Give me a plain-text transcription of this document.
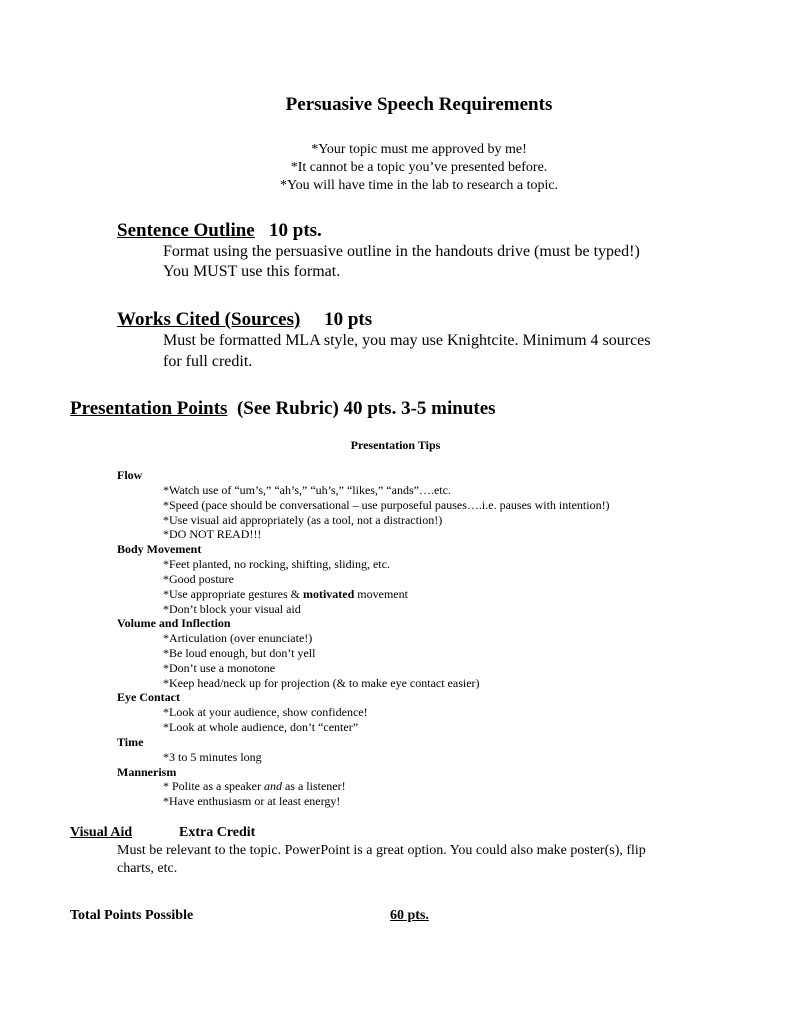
Persuasive Speech Requirements
*Your topic must me approved by me!
*It cannot be a topic you’ve presented before.
*You will have time in the lab to research a topic.
Sentence Outline 10 pts.
Format using the persuasive outline in the handouts drive (must be typed!)
You MUST use this format.
Works Cited (Sources) 10 pts
Must be formatted MLA style, you may use Knightcite. Minimum 4 sources
for full credit.
Presentation Points (See Rubric) 40 pts. 3-5 minutes
Presentation Tips
Flow
*Watch use of “um’s,” “ah’s,” “uh’s,” “likes,” “ands”….etc.
*Speed (pace should be conversational – use purposeful pauses….i.e. pauses with intention!)
*Use visual aid appropriately (as a tool, not a distraction!)
*DO NOT READ!!!
Body Movement
*Feet planted, no rocking, shifting, sliding, etc.
*Good posture
*Use appropriate gestures & motivated movement
*Don’t block your visual aid
Volume and Inflection
*Articulation (over enunciate!)
*Be loud enough, but don’t yell
*Don’t use a monotone
*Keep head/neck up for projection (& to make eye contact easier)
Eye Contact
*Look at your audience, show confidence!
*Look at whole audience, don’t “center”
Time
*3 to 5 minutes long
Mannerism
* Polite as a speaker and as a listener!
*Have enthusiasm or at least energy!
Visual Aid	Extra Credit
Must be relevant to the topic. PowerPoint is a great option. You could also make poster(s), flip
charts, etc.
Total Points Possible	60 pts.
